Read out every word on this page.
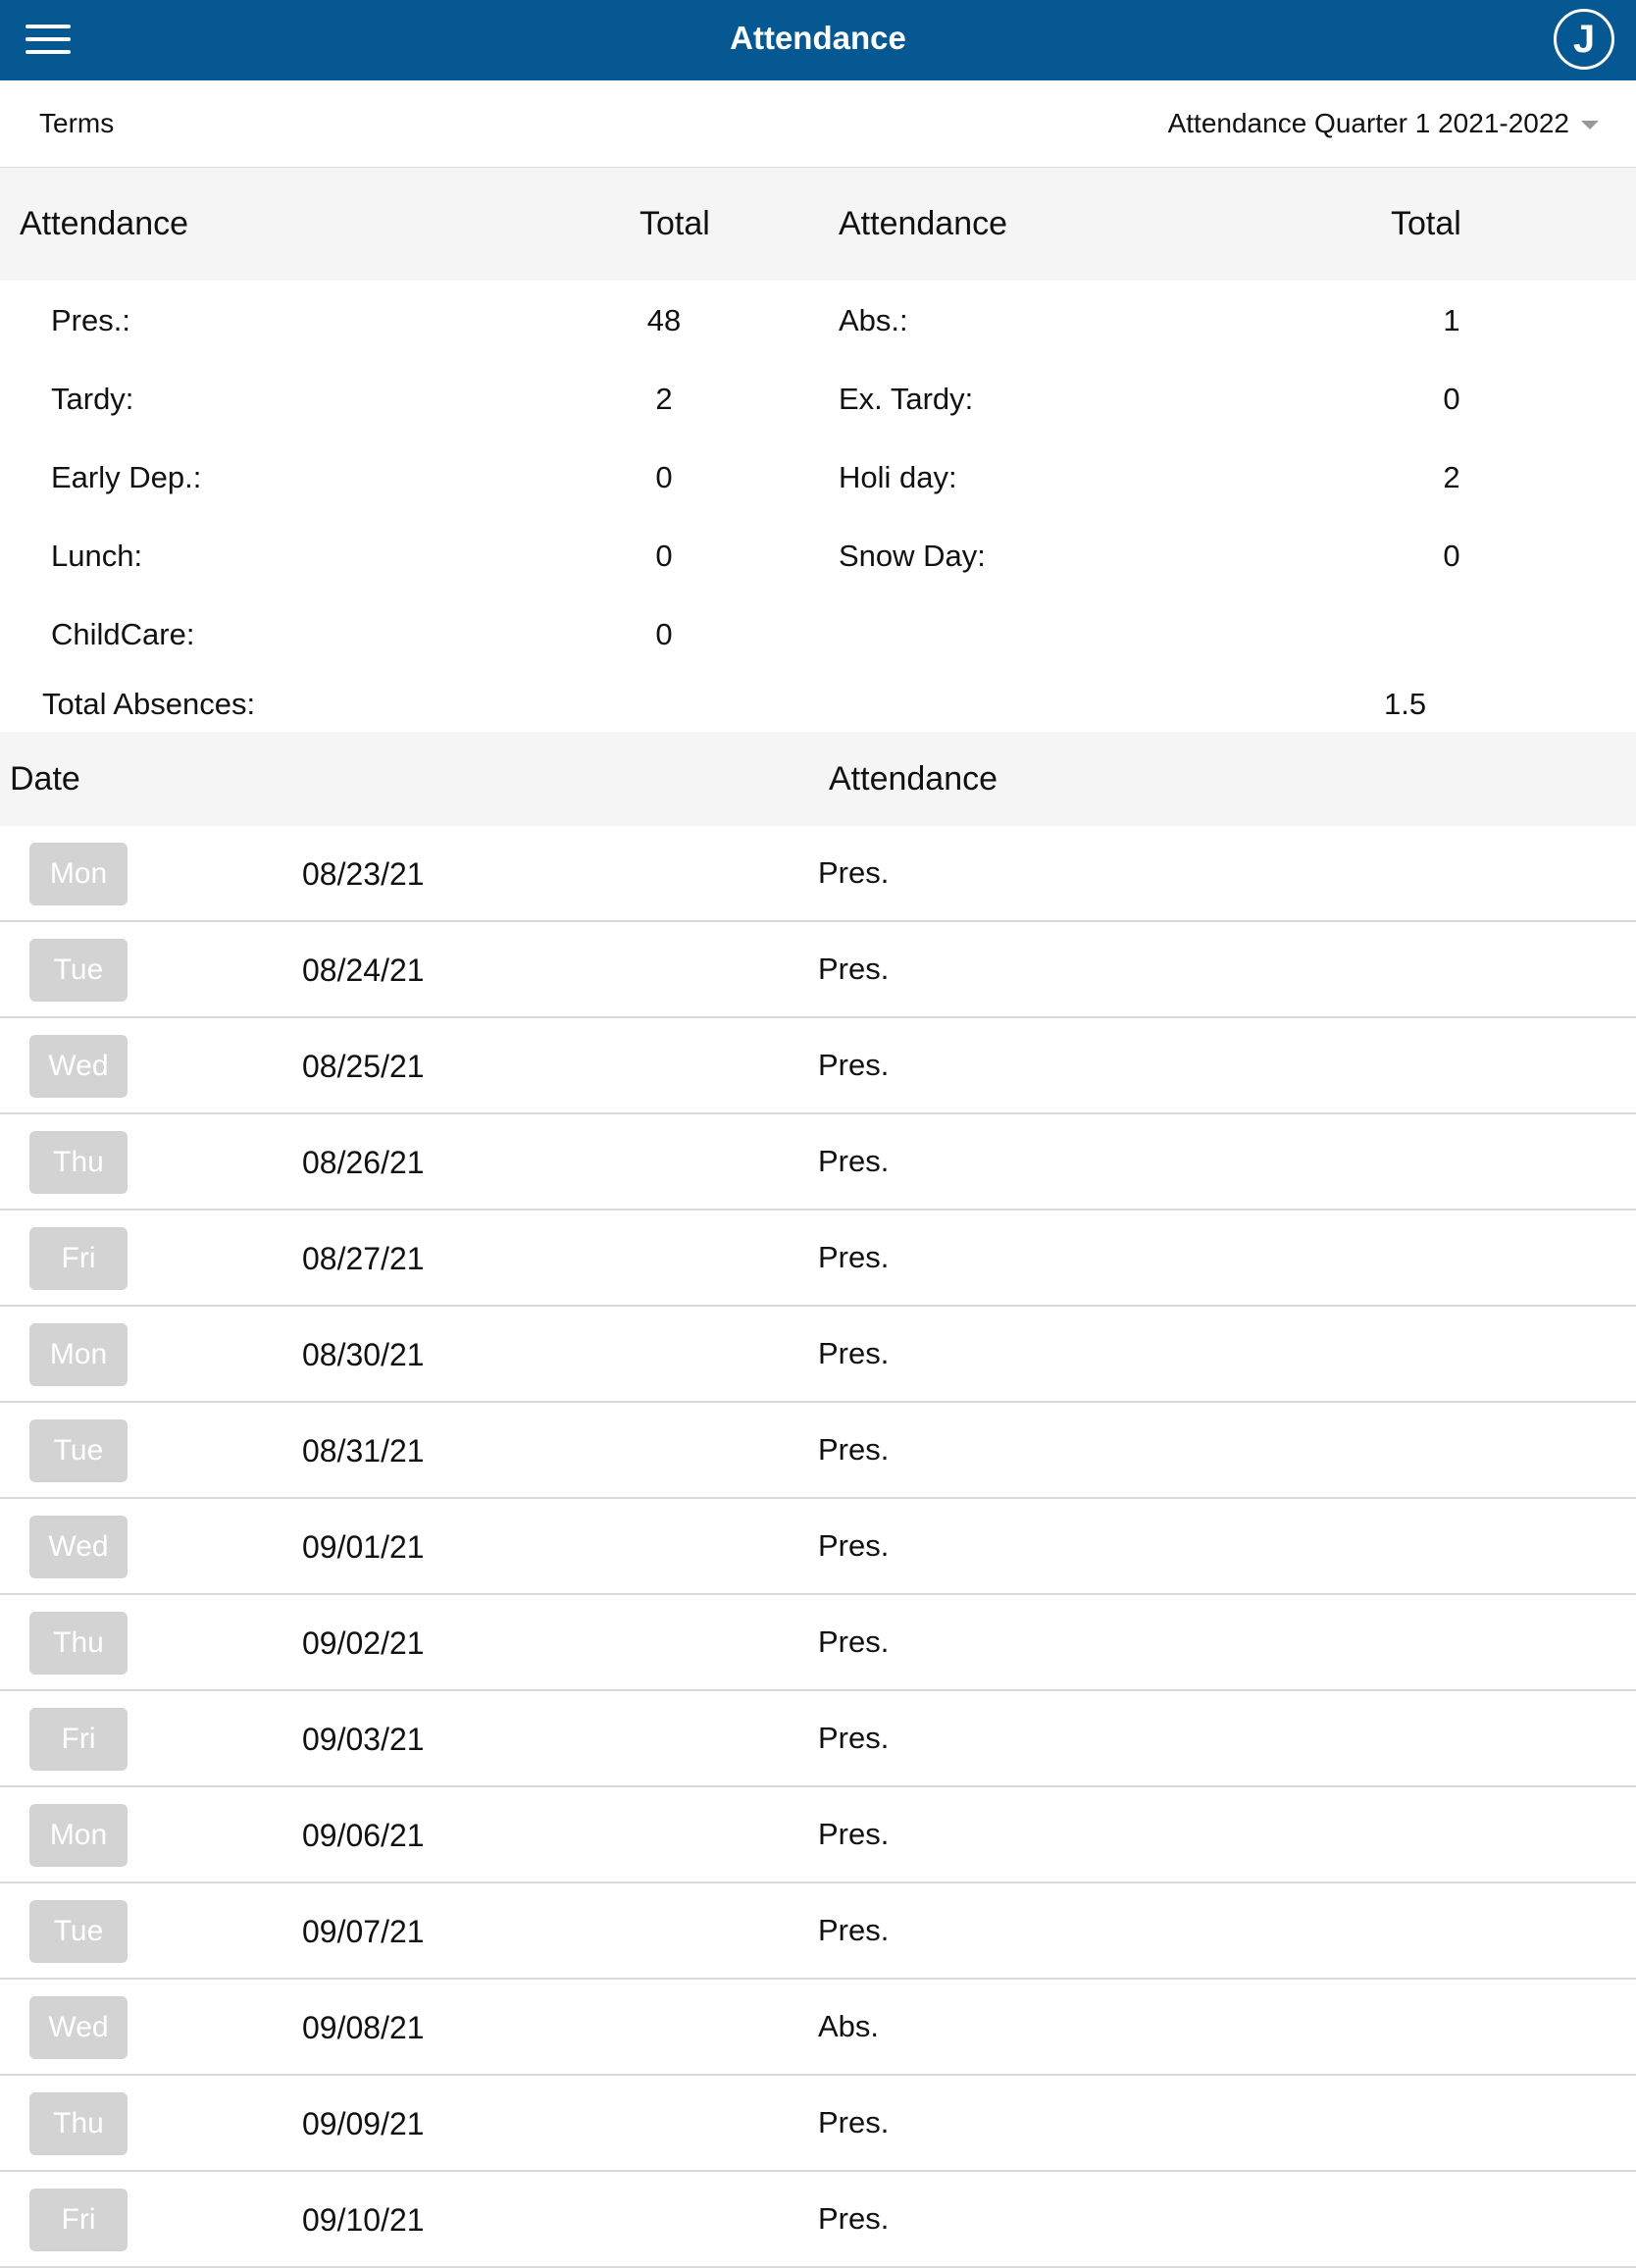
Attendance	J
Terms	Attendance Quarter 1 2021-2022
Attendance	Total	Attendance	Total
Pres.:	48	Abs.:	1
Tardy:	2	Ex. Tardy:	0
Early Dep.:	0	Holi day:	2
Lunch:	0	Snow Day:	0
ChildCare:	0
Total Absences:	1.5
Date	Attendance
Mon	08/23/21	Pres.
Tue	08/24/21	Pres.
Wed	08/25/21	Pres.
Thu	08/26/21	Pres.
Fri	08/27/21	Pres.
Mon	08/30/21	Pres.
Tue	08/31/21	Pres.
Wed	09/01/21	Pres.
Thu	09/02/21	Pres.
Fri	09/03/21	Pres.
Mon	09/06/21	Pres.
Tue	09/07/21	Pres.
Wed	09/08/21	Abs.
Thu	09/09/21	Pres.
Fri	09/10/21	Pres.
